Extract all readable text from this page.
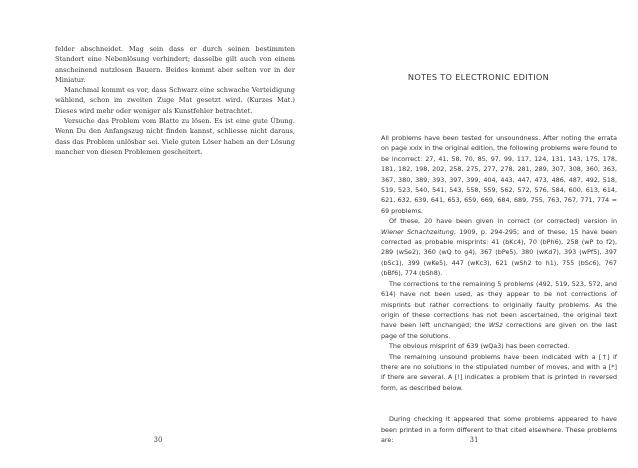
felder abschneidet. Mag sein dass er durch seinen bestimmten Standort eine Nebenlösung verhindert; dasselbe gilt auch von einem anscheinend nutzlosen Bauern. Beides kommt aber selten vor in der Miniatur.

Manchmal kommt es vor, dass Schwarz eine schwache Verteidigung wählend, schon im zweiten Zuge Mat gesetzt wird. (Kurzes Mat.) Dieses wird mehr oder weniger als Kunstfehler betrachtet.

Versuche das Problem vom Blatte zu lösen. Es ist eine gute Übung. Wenn Du den Anfangszug nicht finden kannst, schliesse nicht daraus, dass das Problem unlösbar sei. Viele guten Löser haben an der Lösung mancher von diesen Problemen gescheitert.

30
NOTES TO ELECTRONIC EDITION

All problems have been tested for unsoundness. After noting the errata on page xxix in the original edition, the following problems were found to be incorrect: 27, 41, 58, 70, 85, 97, 99, 117, 124, 131, 143, 175, 178, 181, 182, 198, 202, 258, 275, 277, 278, 281, 289, 307, 308, 360, 363, 367, 380, 389, 393, 397, 399, 404, 443, 447, 473, 486, 487, 492, 518, 519, 523, 540, 541, 543, 558, 559, 562, 572, 576, 584, 600, 613, 614, 621, 632, 639, 641, 653, 659, 669, 684, 689, 755, 763, 767, 771, 774 = 69 problems.

Of these, 20 have been given in correct (or corrected) version in Wiener Schachzeitung, 1909, p. 294-295; and of these, 15 have been corrected as probable misprints: 41 (bKc4), 70 (bPh6), 258 (wP to f2), 289 (wSe2), 360 (wQ to g4), 367 (bPe5), 380 (wKd7), 393 (wPf5), 397 (bSc1), 399 (wKe5), 447 (wKc3), 621 (wSh2 to h1), 755 (bSc6), 767 (bBf6), 774 (bSh8).

The corrections to the remaining 5 problems (492, 519, 523, 572, and 614) have not been used, as they appear to be not corrections of misprints but rather corrections to originally faulty problems. As the origin of these corrections has not been ascertained, the original text have been left unchanged; the WSz corrections are given on the last page of the solutions.

The obvious misprint of 639 (wQa3) has been corrected.

The remaining unsound problems have been indicated with a [†] if there are no solutions in the stipulated number of moves, and with a [*] if there are several. A [!] indicates a problem that is printed in reversed form, as described below.

During checking it appeared that some problems appeared to have been printed in a form different to that cited elsewhere. These problems are:	31
